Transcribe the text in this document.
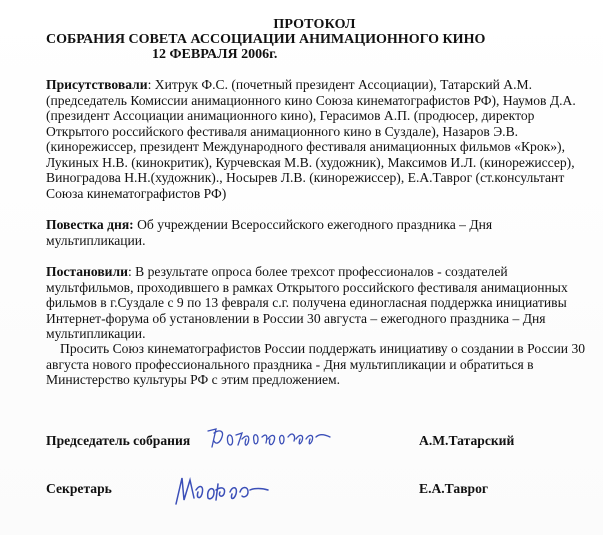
ПРОТОКОЛ
СОБРАНИЯ СОВЕТА АССОЦИАЦИИ АНИМАЦИОННОГО КИНО
12 ФЕВРАЛЯ 2006г.
Присутствовали: Хитрук Ф.С. (почетный президент Ассоциации), Татарский А.М. (председатель Комиссии анимационного кино Союза кинематографистов РФ), Наумов Д.А. (президент Ассоциации анимационного кино), Герасимов А.П. (продюсер, директор Открытого российского фестиваля анимационного кино в Суздале), Назаров Э.В. (кинорежиссер, президент Международного фестиваля анимационных фильмов «Крок»), Лукиных Н.В. (кинокритик), Курчевская М.В. (художник), Максимов И.Л. (кинорежиссер), Виноградова Н.Н.(художник)., Носырев Л.В. (кинорежиссер), Е.А.Таврог (ст.консультант Союза кинематографистов РФ)
Повестка дня: Об учреждении Всероссийского ежегодного праздника – Дня мультипликации.
Постановили: В результате опроса более трехсот профессионалов - создателей мультфильмов, проходившего в рамках Открытого российского фестиваля анимационных фильмов в г.Суздале с 9 по 13 февраля с.г. получена единогласная поддержка инициативы Интернет-форума об установлении в России 30 августа – ежегодного праздника – Дня мультипликации.
Просить Союз кинематографистов России поддержать инициативу о создании в России 30 августа нового профессионального праздника - Дня мультипликации и обратиться в Министерство культуры РФ с этим предложением.
Председатель собрания	А.М.Татарский
Секретарь	Е.А.Таврог
